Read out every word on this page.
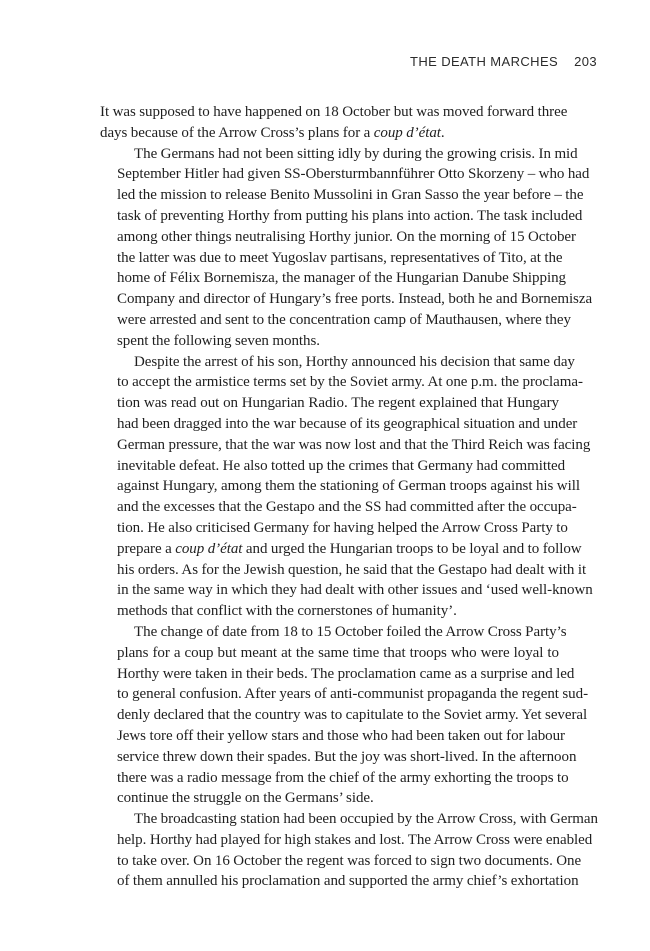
THE DEATH MARCHES 203
It was supposed to have happened on 18 October but was moved forward three
days because of the Arrow Cross’s plans for a coup d’état.
The Germans had not been sitting idly by during the growing crisis. In mid
September Hitler had given SS-Obersturmbannführer Otto Skorzeny – who had
led the mission to release Benito Mussolini in Gran Sasso the year before – the
task of preventing Horthy from putting his plans into action. The task included
among other things neutralising Horthy junior. On the morning of 15 October
the latter was due to meet Yugoslav partisans, representatives of Tito, at the
home of Félix Bornemisza, the manager of the Hungarian Danube Shipping
Company and director of Hungary’s free ports. Instead, both he and Bornemisza
were arrested and sent to the concentration camp of Mauthausen, where they
spent the following seven months.
Despite the arrest of his son, Horthy announced his decision that same day
to accept the armistice terms set by the Soviet army. At one p.m. the proclama-
tion was read out on Hungarian Radio. The regent explained that Hungary
had been dragged into the war because of its geographical situation and under
German pressure, that the war was now lost and that the Third Reich was facing
inevitable defeat. He also totted up the crimes that Germany had committed
against Hungary, among them the stationing of German troops against his will
and the excesses that the Gestapo and the SS had committed after the occupa-
tion. He also criticised Germany for having helped the Arrow Cross Party to
prepare a coup d’état and urged the Hungarian troops to be loyal and to follow
his orders. As for the Jewish question, he said that the Gestapo had dealt with it
in the same way in which they had dealt with other issues and ‘used well-known
methods that conflict with the cornerstones of humanity’.
The change of date from 18 to 15 October foiled the Arrow Cross Party’s
plans for a coup but meant at the same time that troops who were loyal to
Horthy were taken in their beds. The proclamation came as a surprise and led
to general confusion. After years of anti-communist propaganda the regent sud-
denly declared that the country was to capitulate to the Soviet army. Yet several
Jews tore off their yellow stars and those who had been taken out for labour
service threw down their spades. But the joy was short-lived. In the afternoon
there was a radio message from the chief of the army exhorting the troops to
continue the struggle on the Germans’ side.
The broadcasting station had been occupied by the Arrow Cross, with German
help. Horthy had played for high stakes and lost. The Arrow Cross were enabled
to take over. On 16 October the regent was forced to sign two documents. One
of them annulled his proclamation and supported the army chief’s exhortation
